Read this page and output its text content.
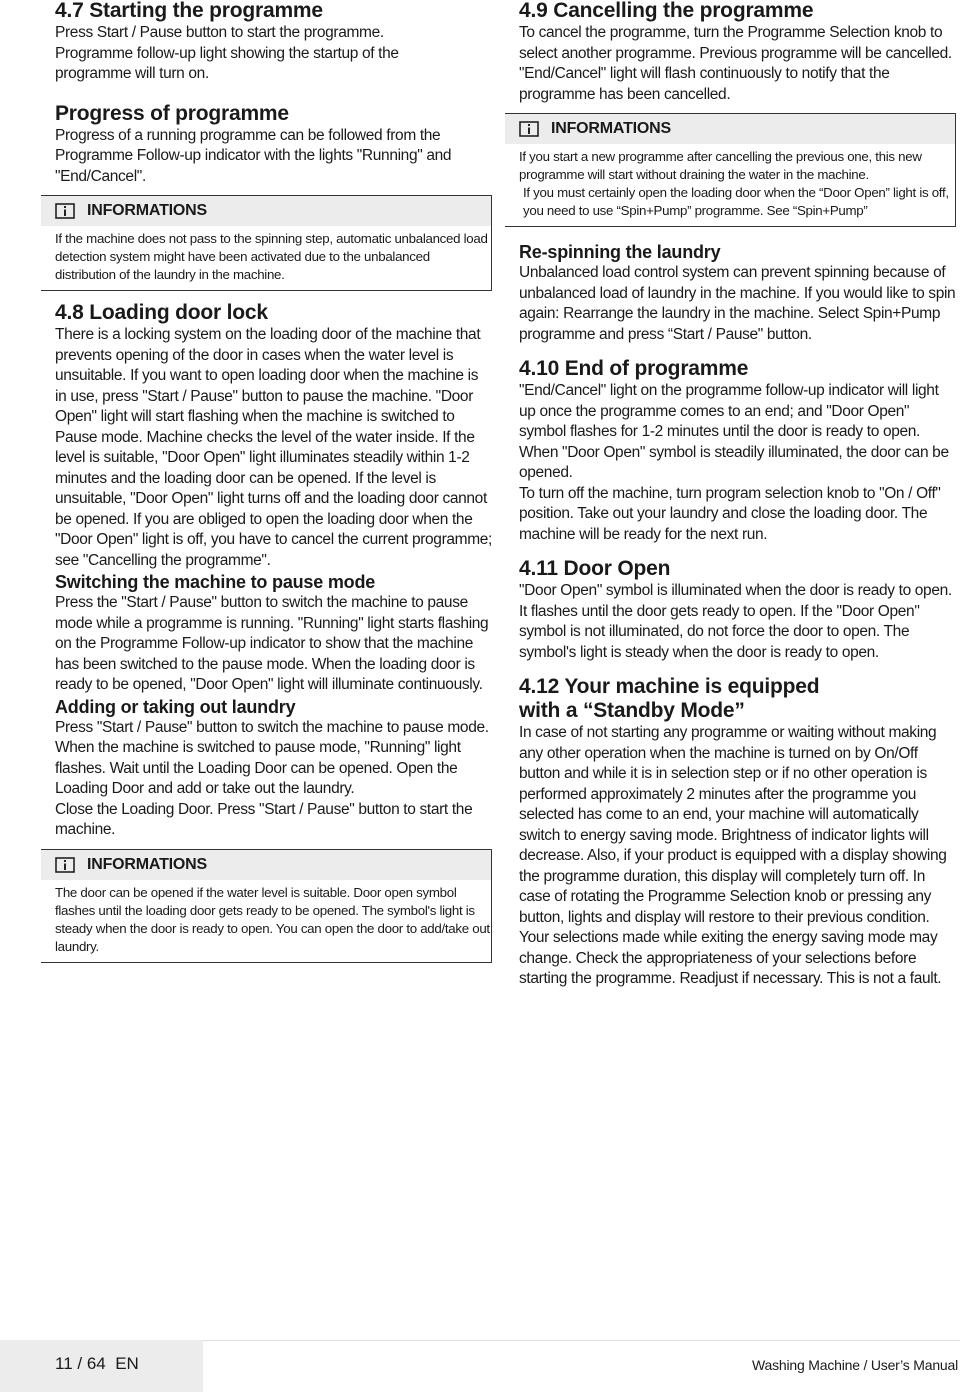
4.7 Starting the programme

Press Start / Pause button to start the programme. Programme follow-up light showing the startup of the programme will turn on.

Progress of programme

Progress of a running programme can be followed from the Programme Follow-up indicator with the lights "Running" and "End/Cancel".

INFORMATIONS

If the machine does not pass to the spinning step, automatic unbalanced load detection system might have been activated due to the unbalanced distribution of the laundry in the machine.

4.8 Loading door lock

There is a locking system on the loading door of the machine that prevents opening of the door in cases when the water level is unsuitable. If you want to open loading door when the machine is in use, press "Start / Pause" button to pause the machine. "Door Open" light will start flashing when the machine is switched to Pause mode. Machine checks the level of the water inside. If the level is suitable, "Door Open" light illuminates steadily within 1-2 minutes and the loading door can be opened. If the level is unsuitable, "Door Open" light turns off and the loading door cannot be opened. If you are obliged to open the loading door when the "Door Open" light is off, you have to cancel the current programme; see "Cancelling the programme".

Switching the machine to pause mode

Press the "Start / Pause" button to switch the machine to pause mode while a programme is running. "Running" light starts flashing on the Programme Follow-up indicator to show that the machine has been switched to the pause mode. When the loading door is ready to be opened, "Door Open" light will illuminate continuously.

Adding or taking out laundry

Press "Start / Pause" button to switch the machine to pause mode. When the machine is switched to pause mode, "Running" light flashes. Wait until the Loading Door can be opened. Open the Loading Door and add or take out the laundry.

Close the Loading Door. Press "Start / Pause" button to start the machine.

INFORMATIONS

The door can be opened if the water level is suitable. Door open symbol flashes until the loading door gets ready to be opened. The symbol's light is steady when the door is ready to open. You can open the door to add/take out laundry.

4.9 Cancelling the programme

To cancel the programme, turn the Programme Selection knob to select another programme. Previous programme will be cancelled. "End/Cancel" light will flash continuously to notify that the programme has been cancelled.

INFORMATIONS

If you start a new programme after cancelling the previous one, this new programme will start without draining the water in the machine.

If you must certainly open the loading door when the “Door Open” light is off, you need to use “Spin+Pump” programme. See “Spin+Pump”

Re-spinning the laundry

Unbalanced load control system can prevent spinning because of unbalanced load of laundry in the machine. If you would like to spin again: Rearrange the laundry in the machine. Select Spin+Pump programme and press “Start / Pause" button.

4.10 End of programme

"End/Cancel" light on the programme follow-up indicator will light up once the programme comes to an end; and "Door Open" symbol flashes for 1-2 minutes until the door is ready to open. When "Door Open" symbol is steadily illuminated, the door can be opened.

To turn off the machine, turn program selection knob to "On / Off" position. Take out your laundry and close the loading door. The machine will be ready for the next run.

4.11 Door Open

"Door Open" symbol is illuminated when the door is ready to open. It flashes until the door gets ready to open. If the "Door Open" symbol is not illuminated, do not force the door to open. The symbol's light is steady when the door is ready to open.

4.12 Your machine is equipped
with a “Standby Mode”

In case of not starting any programme or waiting without making any other operation when the machine is turned on by On/Off button and while it is in selection step or if no other operation is performed approximately 2 minutes after the programme you selected has come to an end, your machine will automatically switch to energy saving mode. Brightness of indicator lights will decrease. Also, if your product is equipped with a display showing the programme duration, this display will completely turn off. In case of rotating the Programme Selection knob or pressing any button, lights and display will restore to their previous condition. Your selections made while exiting the energy saving mode may change. Check the appropriateness of your selections before starting the programme. Readjust if necessary. This is not a fault.

11 / 64 EN	Washing Machine / User’s Manual
